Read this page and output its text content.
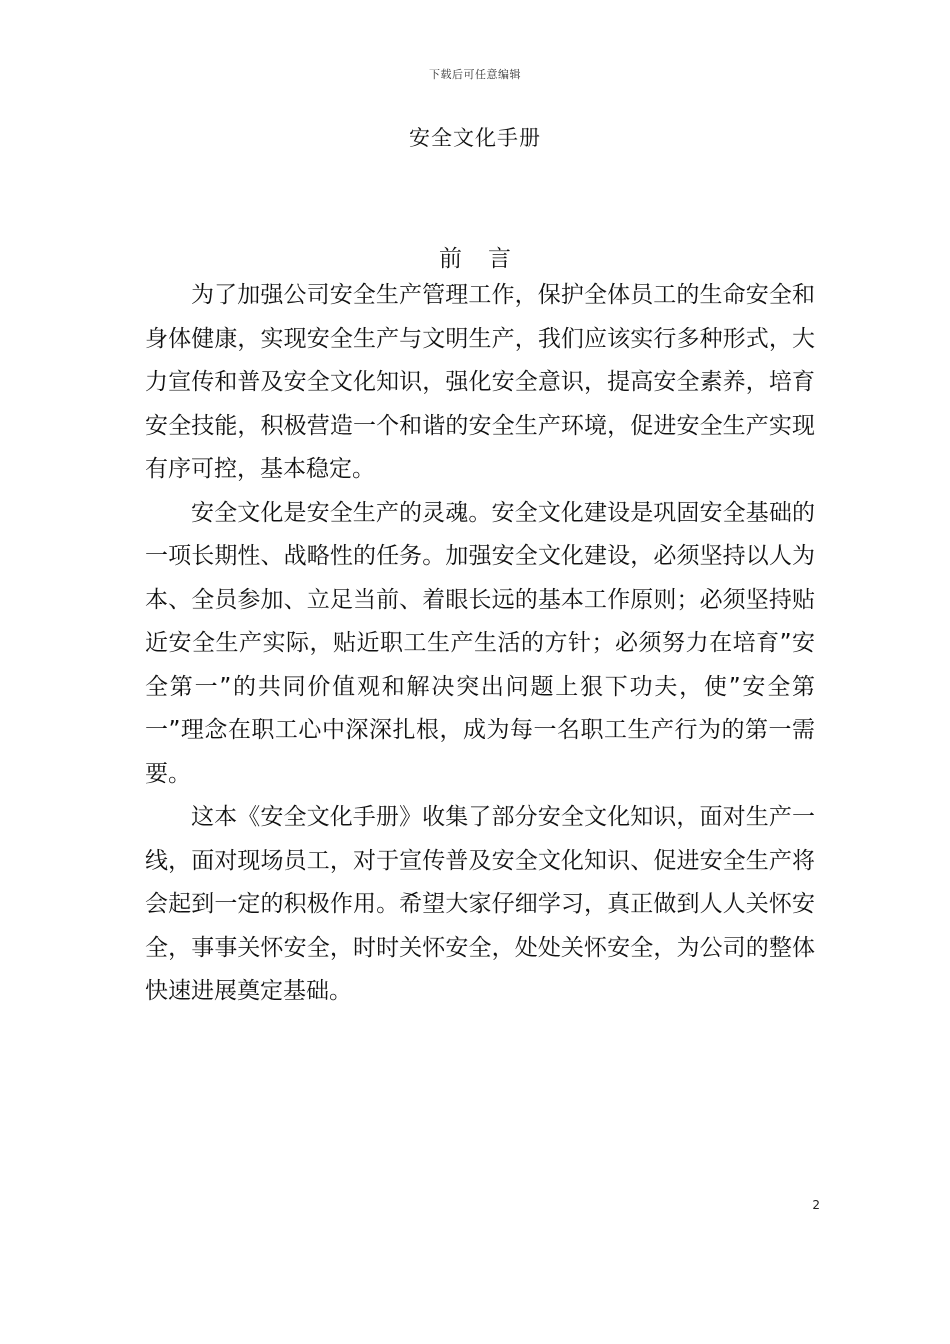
下载后可任意编辑
安全文化手册
前言

为了加强公司安全生产管理工作，保护全体员工的生命安全和身体健康，实现安全生产与文明生产，我们应该实行多种形式，大力宣传和普及安全文化知识，强化安全意识，提高安全素养，培育安全技能，积极营造一个和谐的安全生产环境，促进安全生产实现有序可控，基本稳定。

安全文化是安全生产的灵魂。安全文化建设是巩固安全基础的一项长期性、战略性的任务。加强安全文化建设，必须坚持以人为本、全员参加、立足当前、着眼长远的基本工作原则；必须坚持贴近安全生产实际，贴近职工生产生活的方针；必须努力在培育”安全第一”的共同价值观和解决突出问题上狠下功夫，使”安全第一”理念在职工心中深深扎根，成为每一名职工生产行为的第一需要。

这本《安全文化手册》收集了部分安全文化知识，面对生产一线，面对现场员工，对于宣传普及安全文化知识、促进安全生产将会起到一定的积极作用。希望大家仔细学习，真正做到人人关怀安全，事事关怀安全，时时关怀安全，处处关怀安全，为公司的整体快速进展奠定基础。

2
